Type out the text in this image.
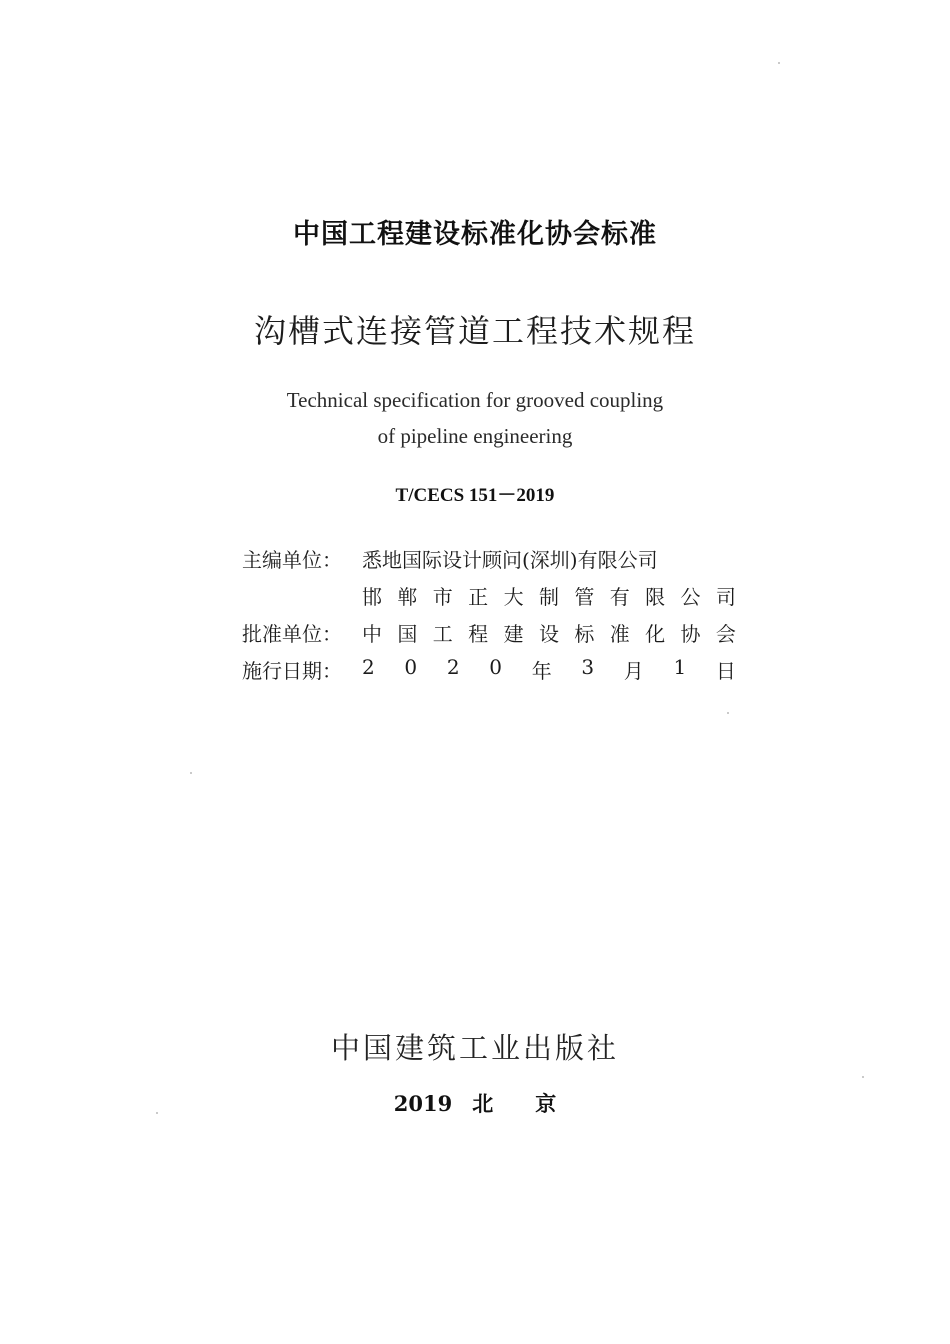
中国工程建设标准化协会标准
沟槽式连接管道工程技术规程
Technical specification for grooved coupling
of pipeline engineering
T/CECS 151－2019
主编单位：	悉地国际设计顾问(深圳)有限公司
邯 郸 市 正 大 制 管 有 限 公 司
批准单位：	中 国 工 程 建 设 标 准 化 协 会
施行日期：	2 0 2 0 年 3 月 1 日
中国建筑工业出版社
2019 北 京
